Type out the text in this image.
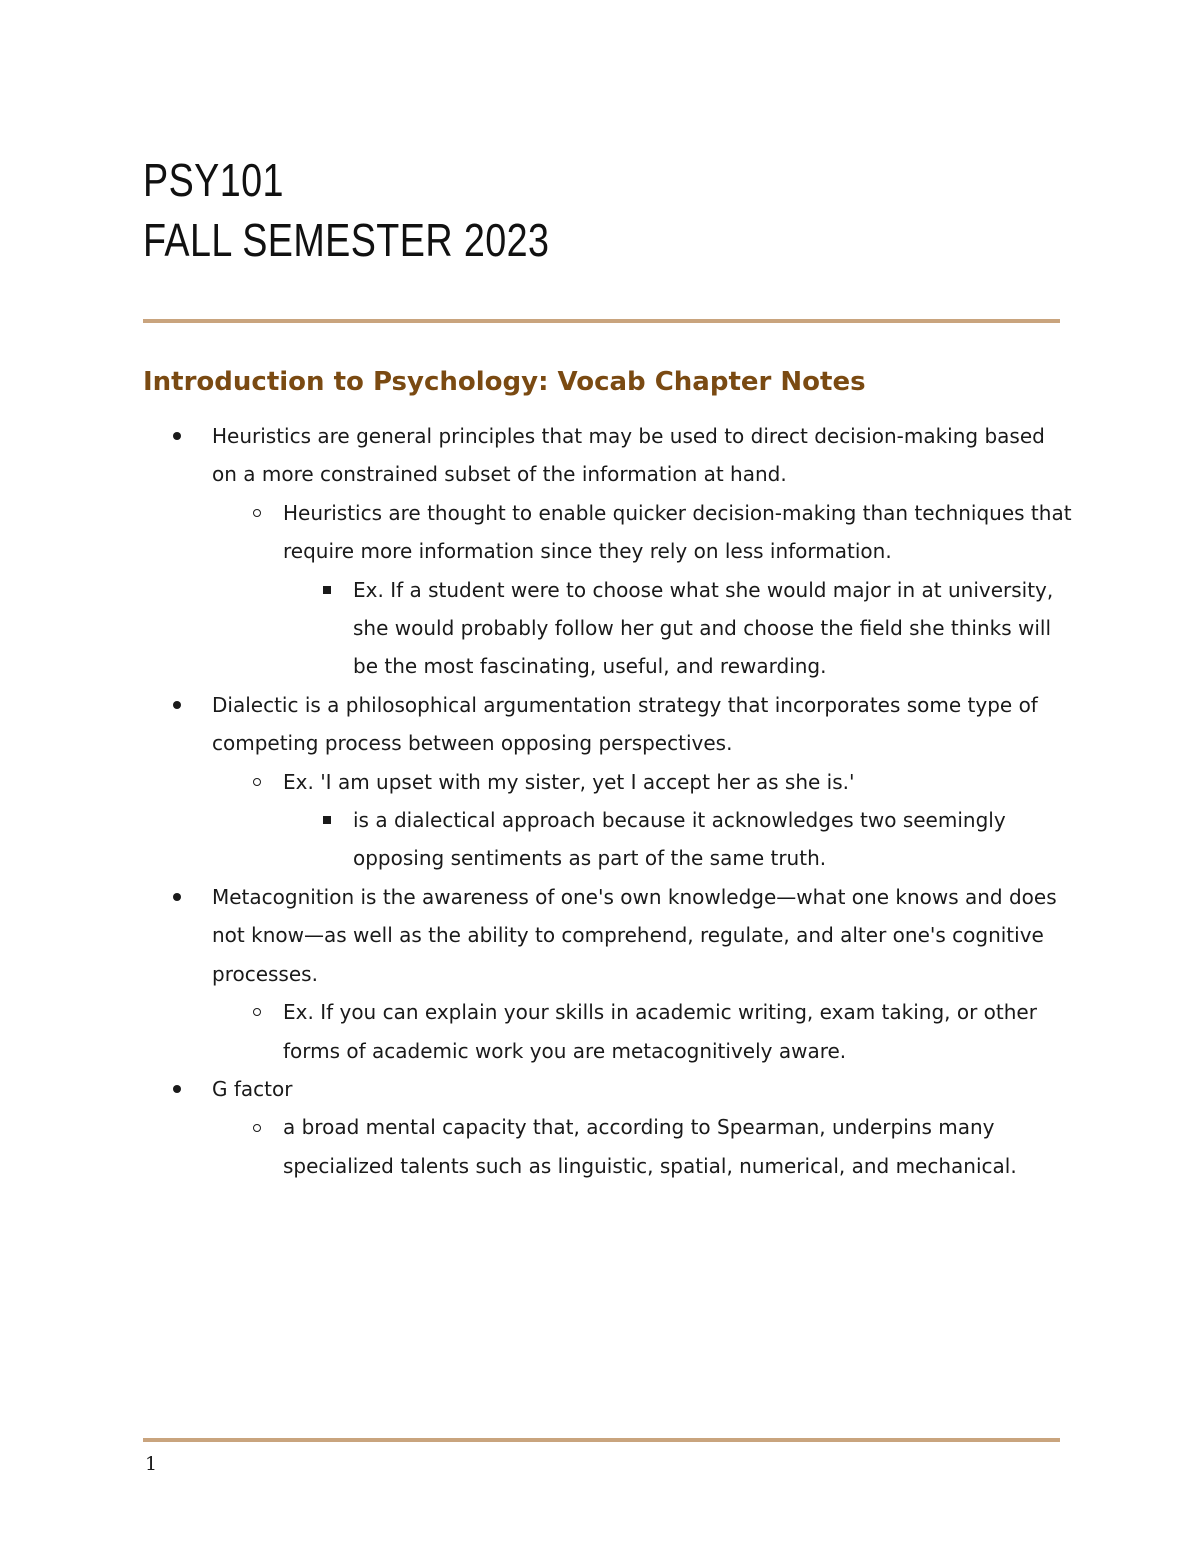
PSY101
FALL SEMESTER 2023
Introduction to Psychology: Vocab Chapter Notes
Heuristics are general principles that may be used to direct decision-making based on a more constrained subset of the information at hand.
Heuristics are thought to enable quicker decision-making than techniques that require more information since they rely on less information.
Ex. If a student were to choose what she would major in at university, she would probably follow her gut and choose the field she thinks will be the most fascinating, useful, and rewarding.
Dialectic is a philosophical argumentation strategy that incorporates some type of competing process between opposing perspectives.
Ex. 'I am upset with my sister, yet I accept her as she is.'
is a dialectical approach because it acknowledges two seemingly opposing sentiments as part of the same truth.
Metacognition is the awareness of one's own knowledge—what one knows and does not know—as well as the ability to comprehend, regulate, and alter one's cognitive processes.
Ex. If you can explain your skills in academic writing, exam taking, or other forms of academic work you are metacognitively aware.
G factor
a broad mental capacity that, according to Spearman, underpins many specialized talents such as linguistic, spatial, numerical, and mechanical.
1
